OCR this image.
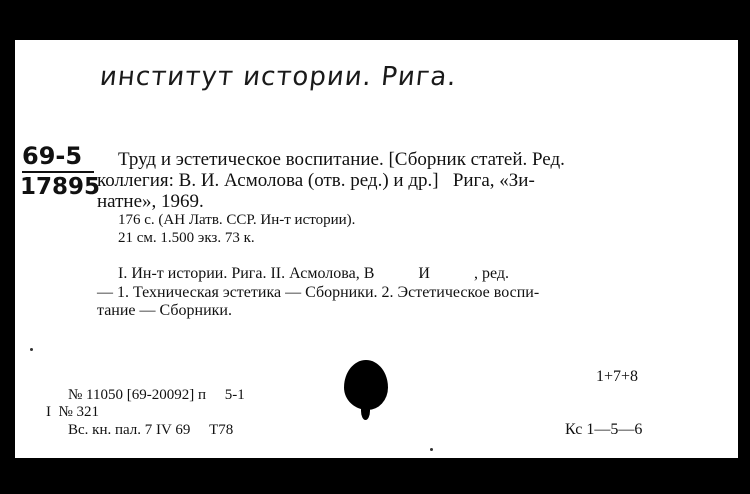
институт истории. Рига.
69-5
17895
Труд и эстетическое воспитание. [Сборник статей. Ред.
коллегия: В. И. Асмолова (отв. ред.) и др.]   Рига, «Зи-
натне», 1969.
176 с. (АН Латв. ССР. Ин-т истории).
21 см. 1.500 экз. 73 к.
I. Ин-т истории. Рига. II. Асмолова, В           И           , ред.
— 1. Техническая эстетика — Сборники. 2. Эстетическое воспи-
тание — Сборники.
1+7+8
№ 11050 [69-20092] п     5-1
I  № 321
Вс. кн. пал. 7 IV 69     Т78	Кс 1—5—6
